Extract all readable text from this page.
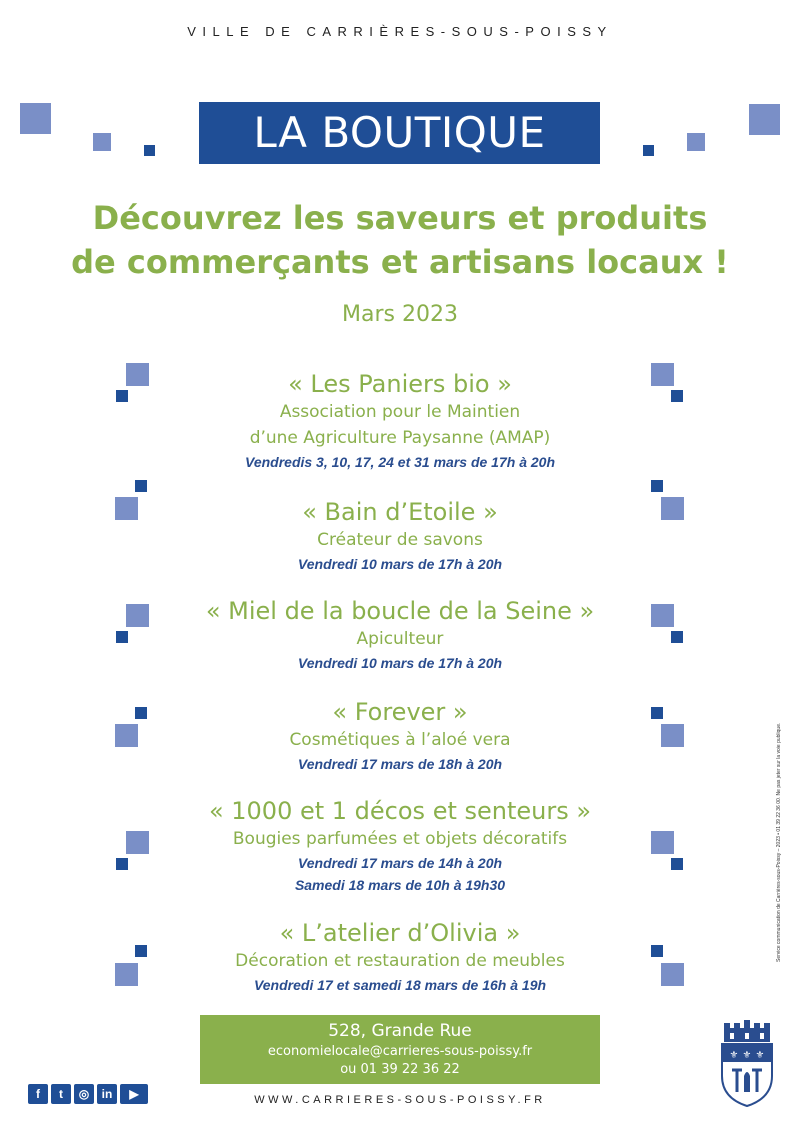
VILLE DE CARRIÈRES-SOUS-POISSY
LA BOUTIQUE
Découvrez les saveurs et produits
de commerçants et artisans locaux !
Mars 2023
« Les Paniers bio »
Association pour le Maintien
d’une Agriculture Paysanne (AMAP)
Vendredis 3, 10, 17, 24 et 31 mars de 17h à 20h
« Bain d’Etoile »
Créateur de savons
Vendredi 10 mars de 17h à 20h
« Miel de la boucle de la Seine »
Apiculteur
Vendredi 10 mars de 17h à 20h
« Forever »
Cosmétiques à l’aloé vera
Vendredi 17 mars de 18h à 20h
« 1000 et 1 décos et senteurs »
Bougies parfumées et objets décoratifs
Vendredi 17 mars de 14h à 20h
Samedi 18 mars de 10h à 19h30
« L’atelier d’Olivia »
Décoration et restauration de meubles
Vendredi 17 et samedi 18 mars de 16h à 19h
528, Grande Rue
economielocale@carrieres-sous-poissy.fr
ou 01 39 22 36 22
f	t	◎	in	▶	WWW.CARRIERES-SOUS-POISSY.FR
Service communication de Carrières-sous-Poissy – 2023 • 01 39 22 36 00. Ne pas jeter sur la voie publique.
⚜ ⚜ ⚜
